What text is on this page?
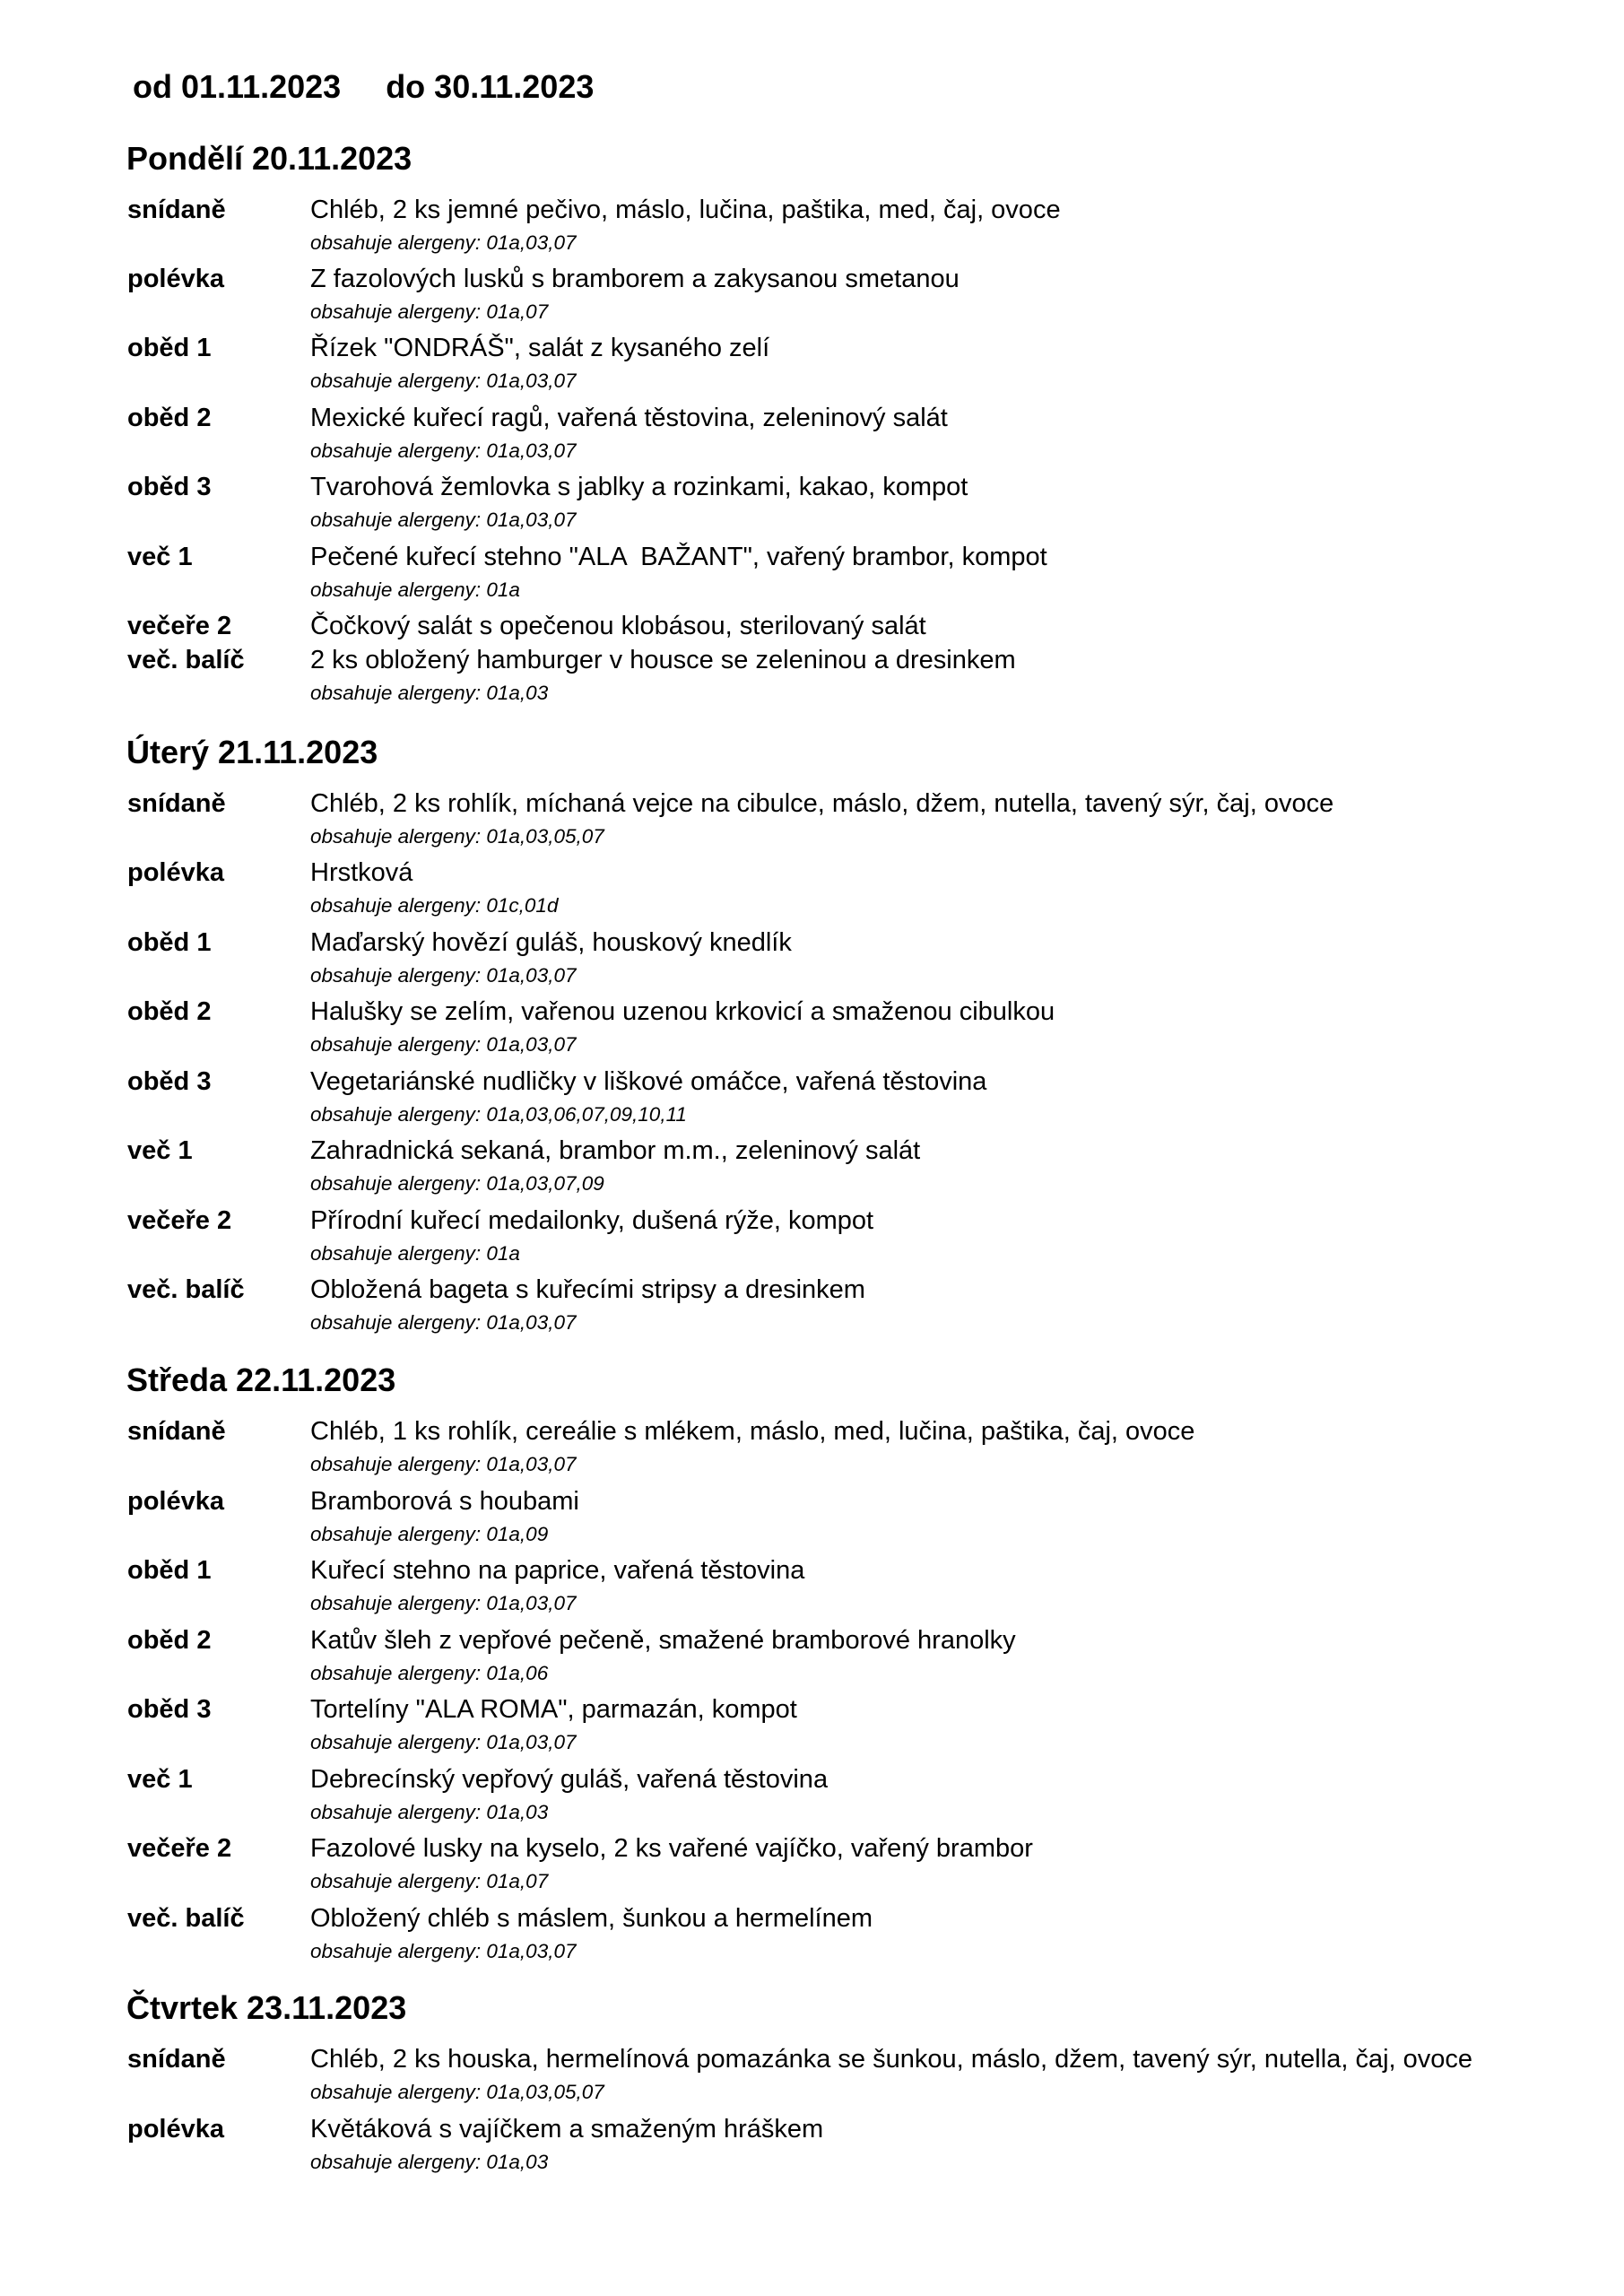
od 01.11.2023 do 30.11.2023
Pondělí 20.11.2023
snídaně	Chléb, 2 ks jemné pečivo, máslo, lučina, paštika, med, čaj, ovoce
obsahuje alergeny: 01a,03,07
polévka	Z fazolových lusků s bramborem a zakysanou smetanou
obsahuje alergeny: 01a,07
oběd 1	Řízek "ONDRÁŠ", salát z kysaného zelí
obsahuje alergeny: 01a,03,07
oběd 2	Mexické kuřecí ragů, vařená těstovina, zeleninový salát
obsahuje alergeny: 01a,03,07
oběd 3	Tvarohová žemlovka s jablky a rozinkami, kakao, kompot
obsahuje alergeny: 01a,03,07
več 1	Pečené kuřecí stehno "ALA  BAŽANT", vařený brambor, kompot
obsahuje alergeny: 01a
večeře 2	Čočkový salát s opečenou klobásou, sterilovaný salát
več. balíč	2 ks obložený hamburger v housce se zeleninou a dresinkem
obsahuje alergeny: 01a,03
Úterý 21.11.2023
snídaně	Chléb, 2 ks rohlík, míchaná vejce na cibulce, máslo, džem, nutella, tavený sýr, čaj, ovoce
obsahuje alergeny: 01a,03,05,07
polévka	Hrstková
obsahuje alergeny: 01c,01d
oběd 1	Maďarský hovězí guláš, houskový knedlík
obsahuje alergeny: 01a,03,07
oběd 2	Halušky se zelím, vařenou uzenou krkovicí a smaženou cibulkou
obsahuje alergeny: 01a,03,07
oběd 3	Vegetariánské nudličky v liškové omáčce, vařená těstovina
obsahuje alergeny: 01a,03,06,07,09,10,11
več 1	Zahradnická sekaná, brambor m.m., zeleninový salát
obsahuje alergeny: 01a,03,07,09
večeře 2	Přírodní kuřecí medailonky, dušená rýže, kompot
obsahuje alergeny: 01a
več. balíč	Obložená bageta s kuřecími stripsy a dresinkem
obsahuje alergeny: 01a,03,07
Středa 22.11.2023
snídaně	Chléb, 1 ks rohlík, cereálie s mlékem, máslo, med, lučina, paštika, čaj, ovoce
obsahuje alergeny: 01a,03,07
polévka	Bramborová s houbami
obsahuje alergeny: 01a,09
oběd 1	Kuřecí stehno na paprice, vařená těstovina
obsahuje alergeny: 01a,03,07
oběd 2	Katův šleh z vepřové pečeně, smažené bramborové hranolky
obsahuje alergeny: 01a,06
oběd 3	Tortelíny "ALA ROMA", parmazán, kompot
obsahuje alergeny: 01a,03,07
več 1	Debrecínský vepřový guláš, vařená těstovina
obsahuje alergeny: 01a,03
večeře 2	Fazolové lusky na kyselo, 2 ks vařené vajíčko, vařený brambor
obsahuje alergeny: 01a,07
več. balíč	Obložený chléb s máslem, šunkou a hermelínem
obsahuje alergeny: 01a,03,07
Čtvrtek 23.11.2023
snídaně	Chléb, 2 ks houska, hermelínová pomazánka se šunkou, máslo, džem, tavený sýr, nutella, čaj, ovoce
obsahuje alergeny: 01a,03,05,07
polévka	Květáková s vajíčkem a smaženým hráškem
obsahuje alergeny: 01a,03
